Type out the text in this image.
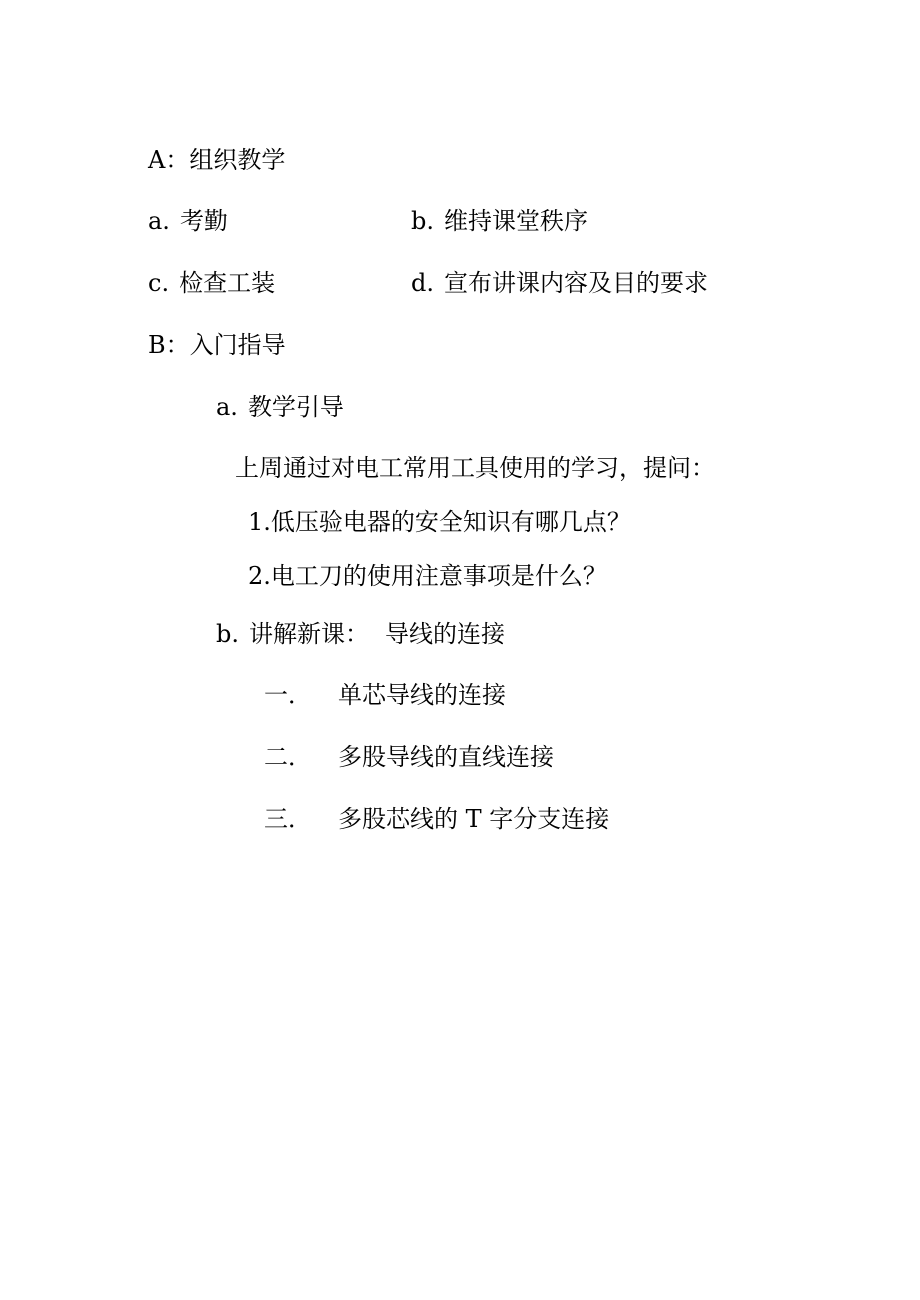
A：组织教学
a. 考勤	b. 维持课堂秩序
c. 检查工装	d. 宣布讲课内容及目的要求
B：入门指导
a. 教学引导
上周通过对电工常用工具使用的学习，提问：
1.低压验电器的安全知识有哪几点？
2.电工刀的使用注意事项是什么？
b. 讲解新课： 导线的连接
一． 单芯导线的连接
二． 多股导线的直线连接
三． 多股芯线的 T 字分支连接
